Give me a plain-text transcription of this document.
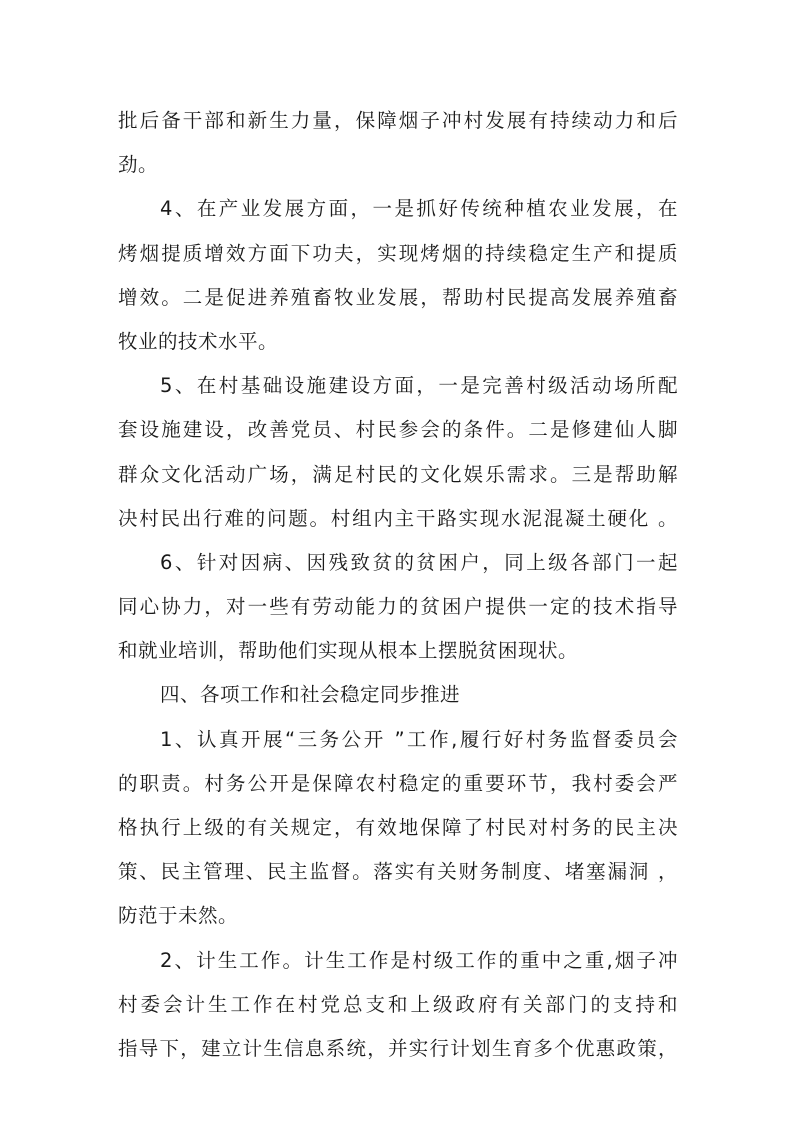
批后备干部和新生力量，保障烟子冲村发展有持续动力和后
劲。
4、在产业发展方面，一是抓好传统种植农业发展，在
烤烟提质增效方面下功夫，实现烤烟的持续稳定生产和提质
增效。二是促进养殖畜牧业发展，帮助村民提高发展养殖畜
牧业的技术水平。
5、在村基础设施建设方面，一是完善村级活动场所配
套设施建设，改善党员、村民参会的条件。二是修建仙人脚
群众文化活动广场，满足村民的文化娱乐需求。三是帮助解
决村民出行难的问题。村组内主干路实现水泥混凝土硬化 。
6、针对因病、因残致贫的贫困户，同上级各部门一起
同心协力，对一些有劳动能力的贫困户提供一定的技术指导
和就业培训，帮助他们实现从根本上摆脱贫困现状。
四、各项工作和社会稳定同步推进
1、认真开展“三务公开 ”工作,履行好村务监督委员会
的职责。村务公开是保障农村稳定的重要环节，我村委会严
格执行上级的有关规定，有效地保障了村民对村务的民主决
策、民主管理、民主监督。落实有关财务制度、堵塞漏洞 ，
防范于未然。
2、计生工作。计生工作是村级工作的重中之重,烟子冲
村委会计生工作在村党总支和上级政府有关部门的支持和
指导下，建立计生信息系统，并实行计划生育多个优惠政策，
